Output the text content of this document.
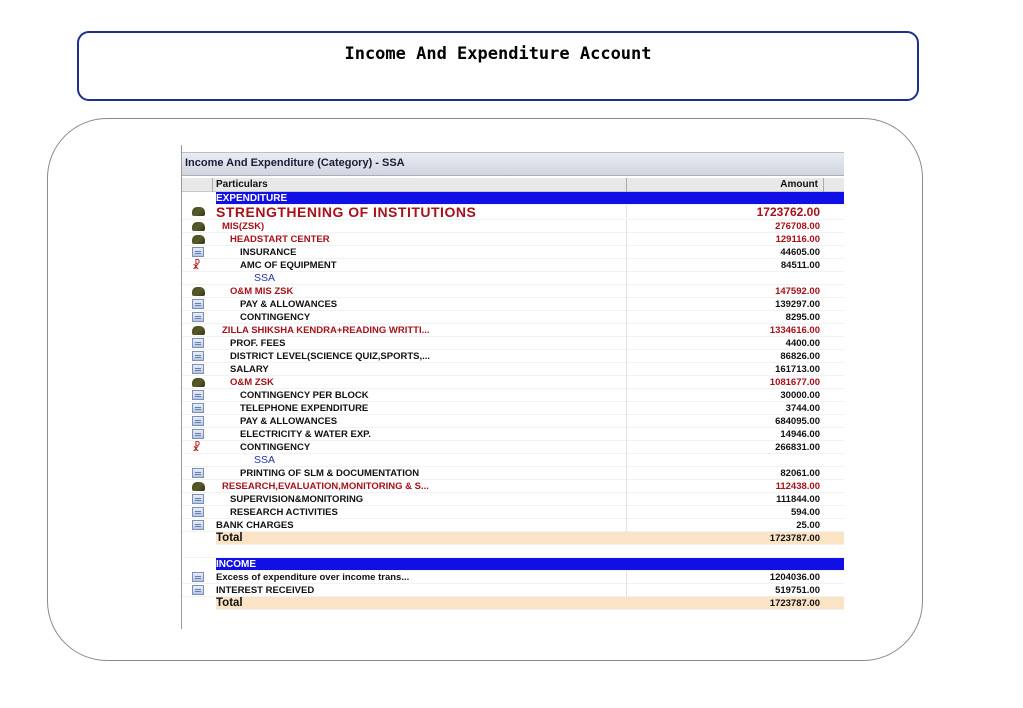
Income And Expenditure Account
Income And Expenditure (Category) - SSA
Particulars	Amount
EXPENDITURE
STRENGTHENING OF INSTITUTIONS	1723762.00
MIS(ZSK)	276708.00
HEADSTART CENTER	129116.00
INSURANCE	44605.00
☧	AMC OF EQUIPMENT	84511.00
SSA
O&M MIS ZSK	147592.00
PAY & ALLOWANCES	139297.00
CONTINGENCY	8295.00
ZILLA SHIKSHA KENDRA+READING WRITTI...	1334616.00
PROF. FEES	4400.00
DISTRICT LEVEL(SCIENCE QUIZ,SPORTS,...	86826.00
SALARY	161713.00
O&M ZSK	1081677.00
CONTINGENCY PER BLOCK	30000.00
TELEPHONE EXPENDITURE	3744.00
PAY & ALLOWANCES	684095.00
ELECTRICITY & WATER EXP.	14946.00
☧	CONTINGENCY	266831.00
SSA
PRINTING OF SLM & DOCUMENTATION	82061.00
RESEARCH,EVALUATION,MONITORING & S...	112438.00
SUPERVISION&MONITORING	111844.00
RESEARCH ACTIVITIES	594.00
BANK CHARGES	25.00
Total	1723787.00
INCOME
Excess of expenditure over income trans...	1204036.00
INTEREST RECEIVED	519751.00
Total	1723787.00
